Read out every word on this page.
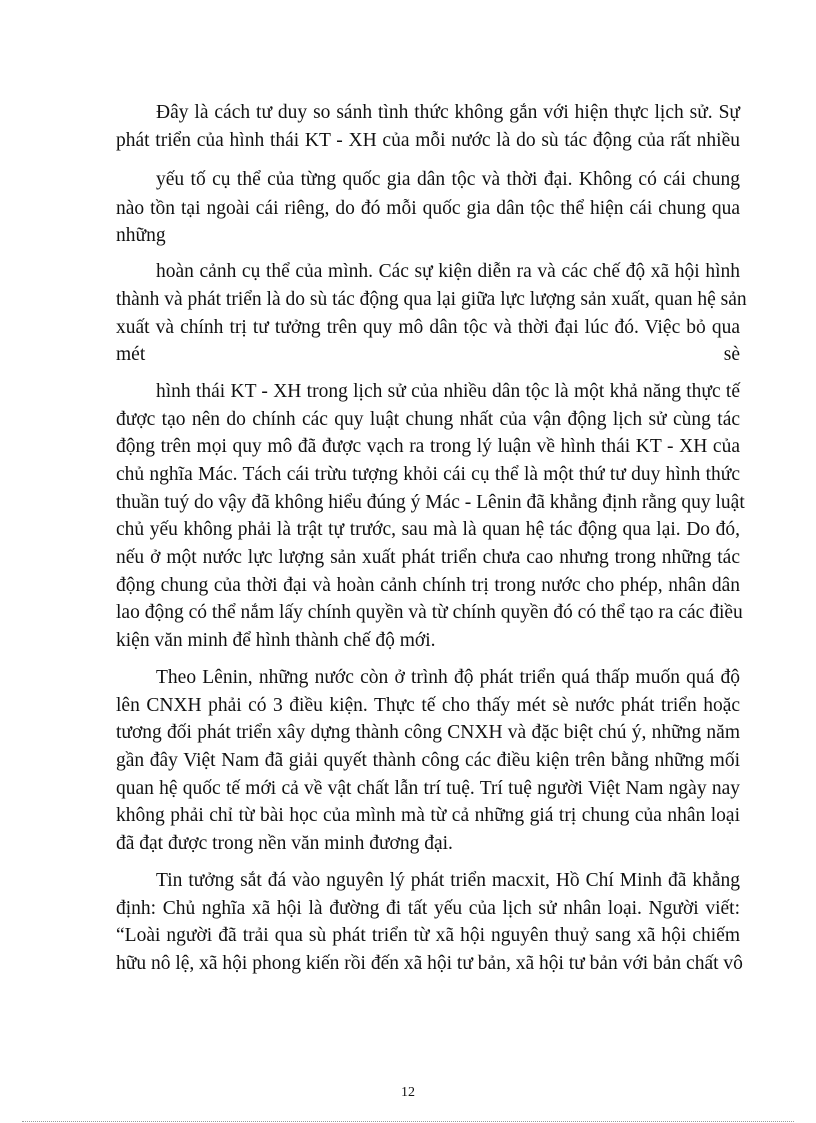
Đây là cách tư duy so sánh tình thức không gắn với hiện thực lịch sử. Sự
phát triển của hình thái KT - XH của mỗi nước là do sù tác động của rất nhiều
yếu tố cụ thể của từng quốc gia dân tộc và thời đại. Không có cái chung
nào tồn tại ngoài cái riêng, do đó mỗi quốc gia dân tộc thể hiện cái chung qua
những
hoàn cảnh cụ thể của mình. Các sự kiện diễn ra và các chế độ xã hội hình
thành và phát triển là do sù tác động qua lại giữa lực lượng sản xuất, quan hệ sản
xuất và chính trị tư tưởng trên quy mô dân tộc và thời đại lúc đó. Việc bỏ qua
mét	sè
hình thái KT - XH trong lịch sử của nhiều dân tộc là một khả năng thực tế
được tạo nên do chính các quy luật chung nhất của vận động lịch sử cùng tác
động trên mọi quy mô đã được vạch ra trong lý luận về hình thái KT - XH của
chủ nghĩa Mác. Tách cái trừu tượng khỏi cái cụ thể là một thứ tư duy hình thức
thuần tuý do vậy đã không hiểu đúng ý Mác - Lênin đã khẳng định rằng quy luật
chủ yếu không phải là trật tự trước, sau mà là quan hệ tác động qua lại. Do đó,
nếu ở một nước lực lượng sản xuất phát triển chưa cao nhưng trong những tác
động chung của thời đại và hoàn cảnh chính trị trong nước cho phép, nhân dân
lao động có thể nắm lấy chính quyền và từ chính quyền đó có thể tạo ra các điều
kiện văn minh để hình thành chế độ mới.
Theo Lênin, những nước còn ở trình độ phát triển quá thấp muốn quá độ
lên CNXH phải có 3 điều kiện. Thực tế cho thấy mét sè nước phát triển hoặc
tương đối phát triển xây dựng thành công CNXH và đặc biệt chú ý, những năm
gần đây Việt Nam đã giải quyết thành công các điều kiện trên bằng những mối
quan hệ quốc tế mới cả về vật chất lẫn trí tuệ. Trí tuệ người Việt Nam ngày nay
không phải chỉ từ bài học của mình mà từ cả những giá trị chung của nhân loại
đã đạt được trong nền văn minh đương đại.
Tin tưởng sắt đá vào nguyên lý phát triển macxit, Hồ Chí Minh đã khẳng
định: Chủ nghĩa xã hội là đường đi tất yếu của lịch sử nhân loại. Người viết:
“Loài người đã trải qua sù phát triển từ xã hội nguyên thuỷ sang xã hội chiếm
hữu nô lệ, xã hội phong kiến rồi đến xã hội tư bản, xã hội tư bản với bản chất vô
12
